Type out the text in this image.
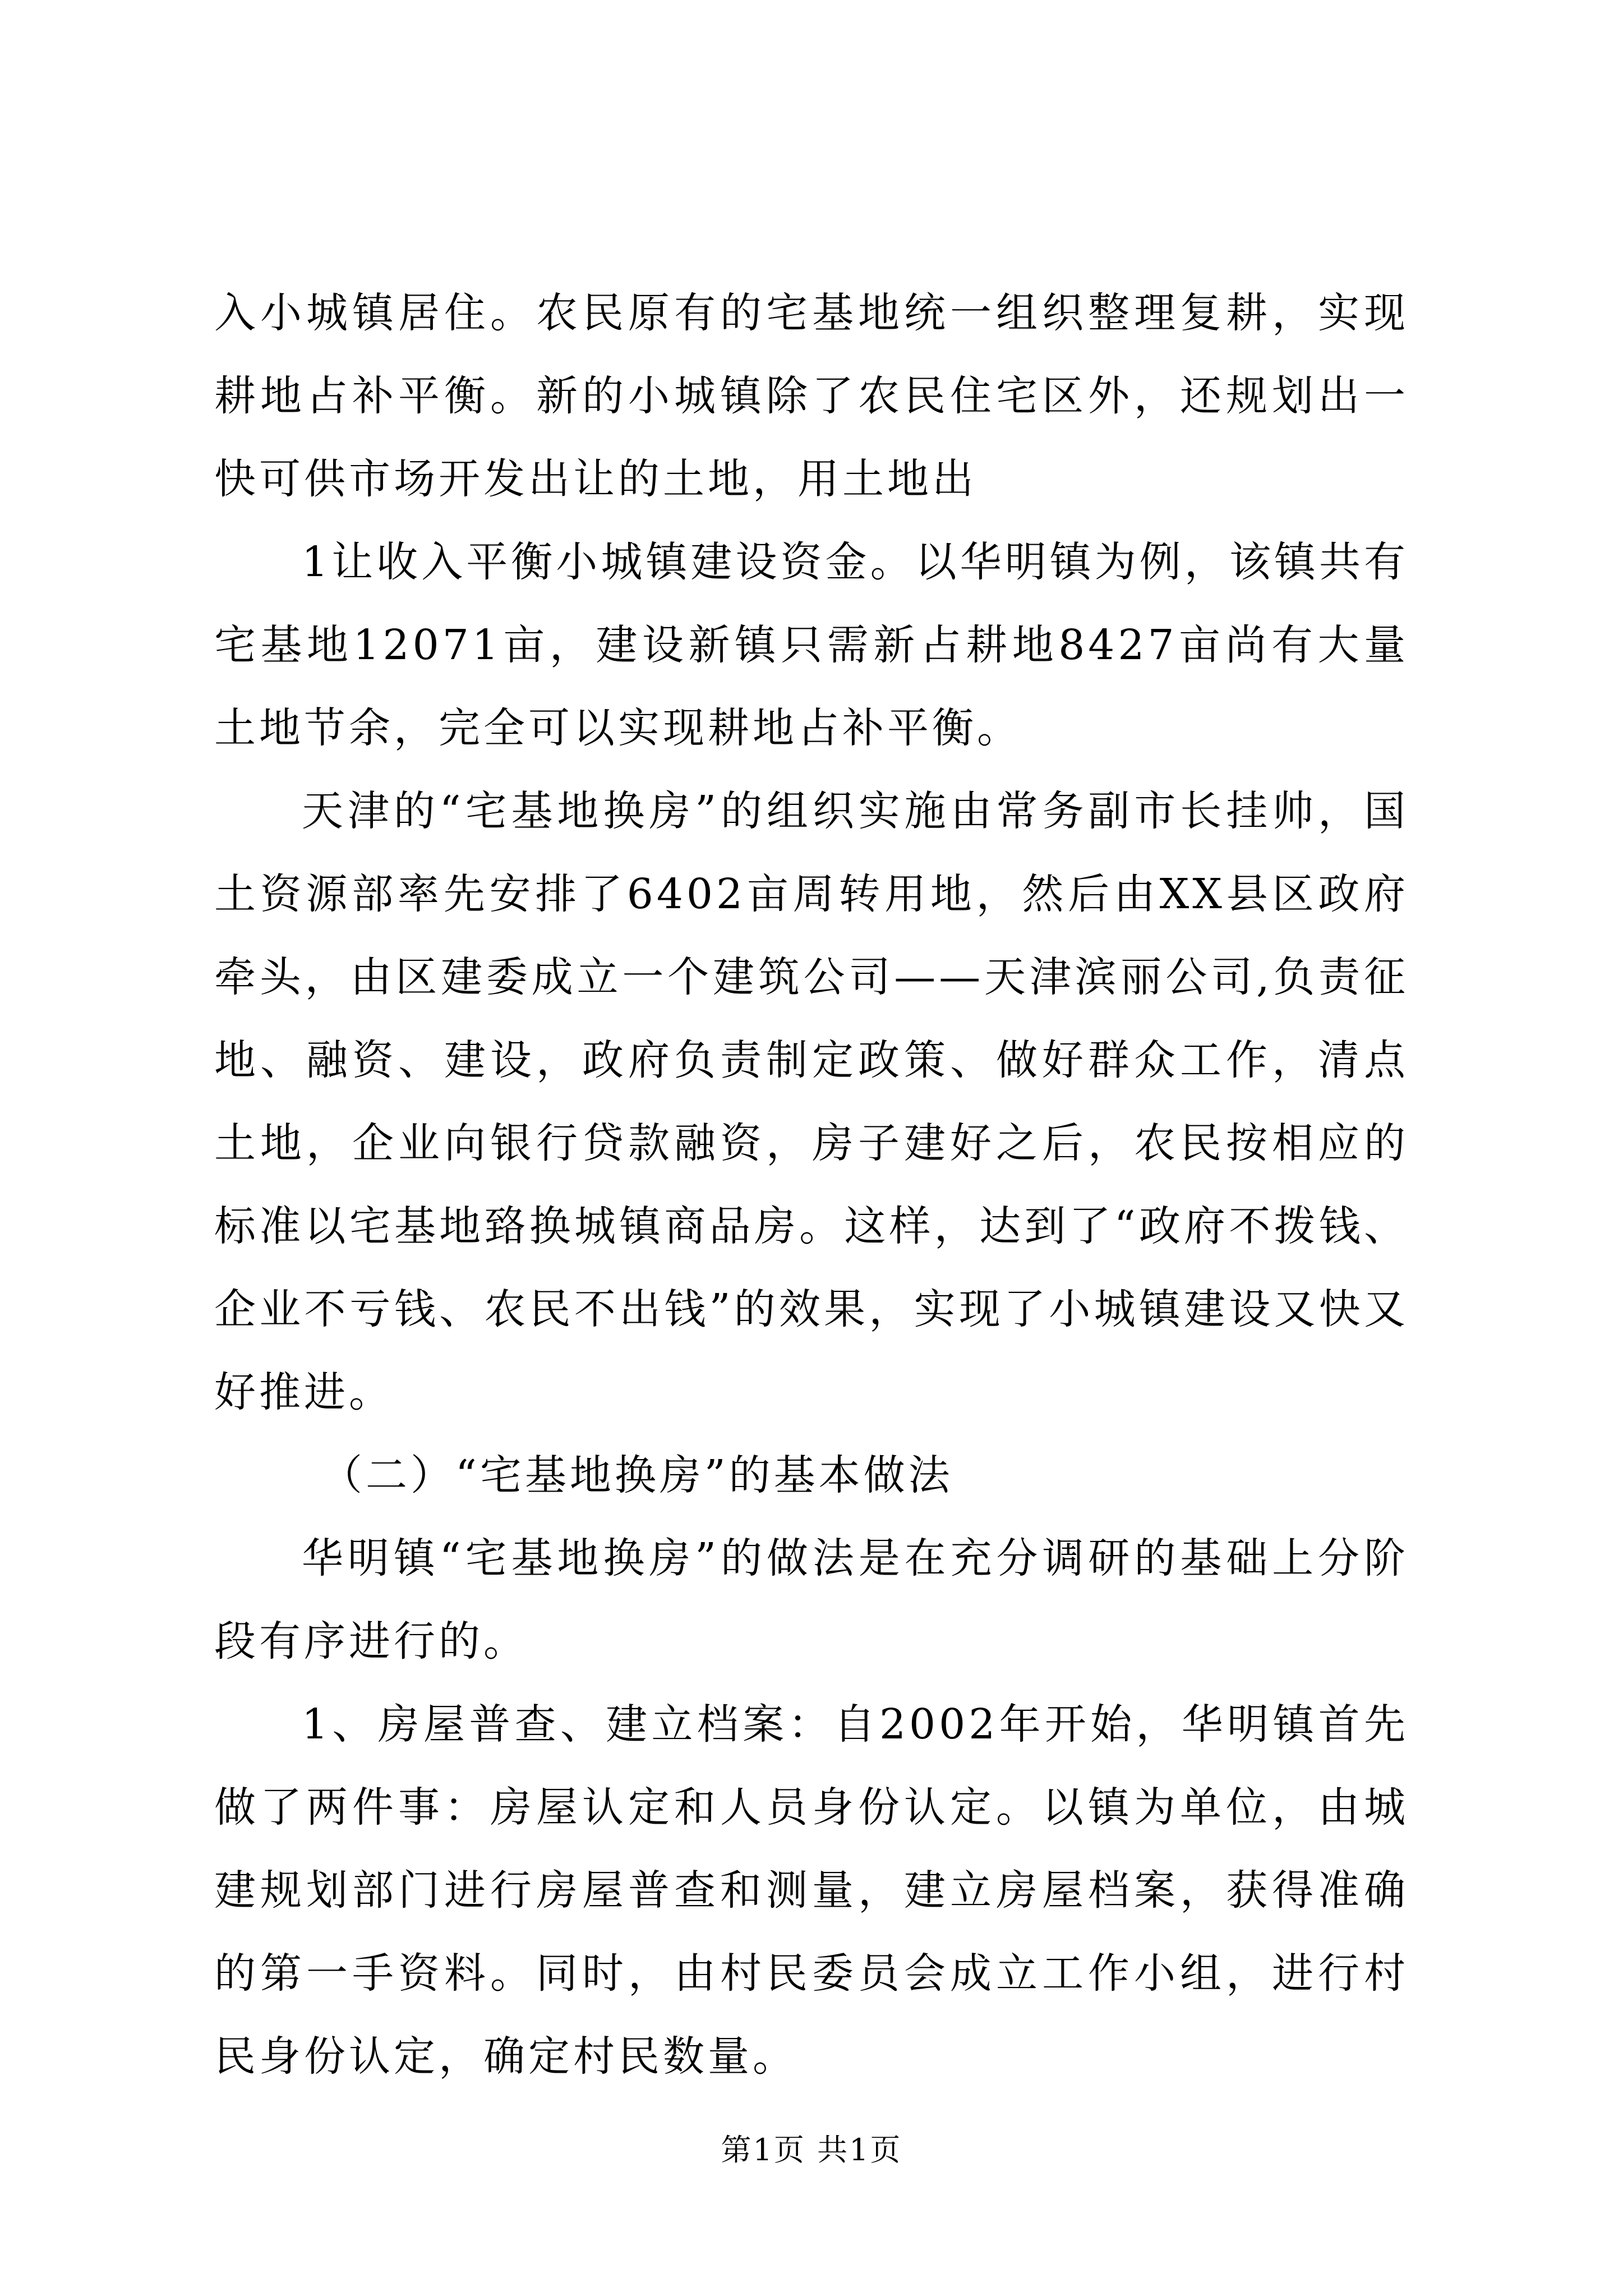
入小城镇居住。农民原有的宅基地统一组织整理复耕，实现耕地占补平衡。新的小城镇除了农民住宅区外，还规划出一快可供市场开发出让的土地，用土地出

1让收入平衡小城镇建设资金。以华明镇为例，该镇共有宅基地12071亩，建设新镇只需新占耕地8427亩尚有大量土地节余，完全可以实现耕地占补平衡。

天津的“宅基地换房”的组织实施由常务副市长挂帅，国土资源部率先安排了6402亩周转用地，然后由XX县区政府牵头，由区建委成立一个建筑公司——天津滨丽公司,负责征地、融资、建设，政府负责制定政策、做好群众工作，清点土地，企业向银行贷款融资，房子建好之后，农民按相应的标准以宅基地臵换城镇商品房。这样，达到了“政府不拨钱、企业不亏钱、农民不出钱”的效果，实现了小城镇建设又快又好推进。

（二）“宅基地换房”的基本做法

华明镇“宅基地换房”的做法是在充分调研的基础上分阶段有序进行的。

1、房屋普查、建立档案：自2002年开始，华明镇首先做了两件事：房屋认定和人员身份认定。以镇为单位，由城建规划部门进行房屋普查和测量，建立房屋档案，获得准确的第一手资料。同时，由村民委员会成立工作小组，进行村民身份认定，确定村民数量。

第1页 共1页
